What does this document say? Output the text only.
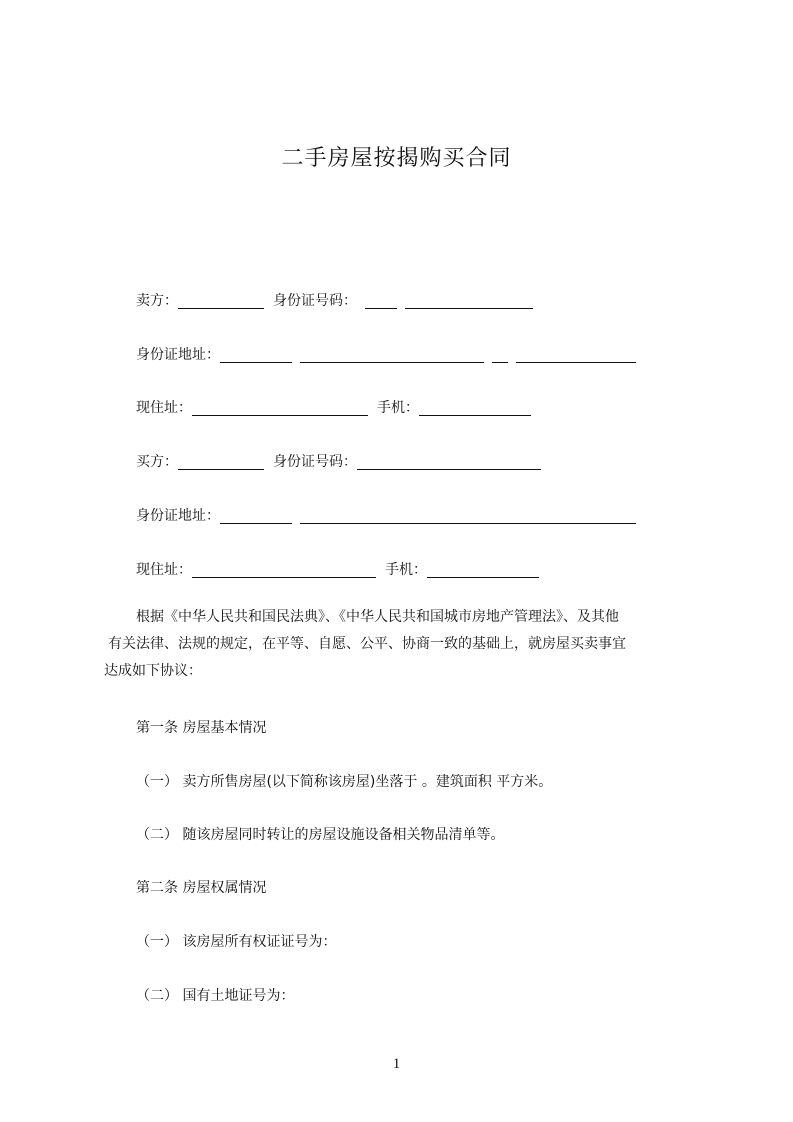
二手房屋按揭购买合同
卖方：	身份证号码：
身份证地址：
现住址：	手机：
买方：	身份证号码：
身份证地址：
现住址：	手机：
根据《中华人民共和国民法典》、《中华人民共和国城市房地产管理法》、及其他
有关法律、法规的规定，在平等、自愿、公平、协商一致的基础上，就房屋买卖事宜
达成如下协议：
第一条 房屋基本情况
（一） 卖方所售房屋(以下简称该房屋)坐落于 。建筑面积 平方米。
（二） 随该房屋同时转让的房屋设施设备相关物品清单等。
第二条 房屋权属情况
（一） 该房屋所有权证证号为：
（二） 国有土地证号为：
1
